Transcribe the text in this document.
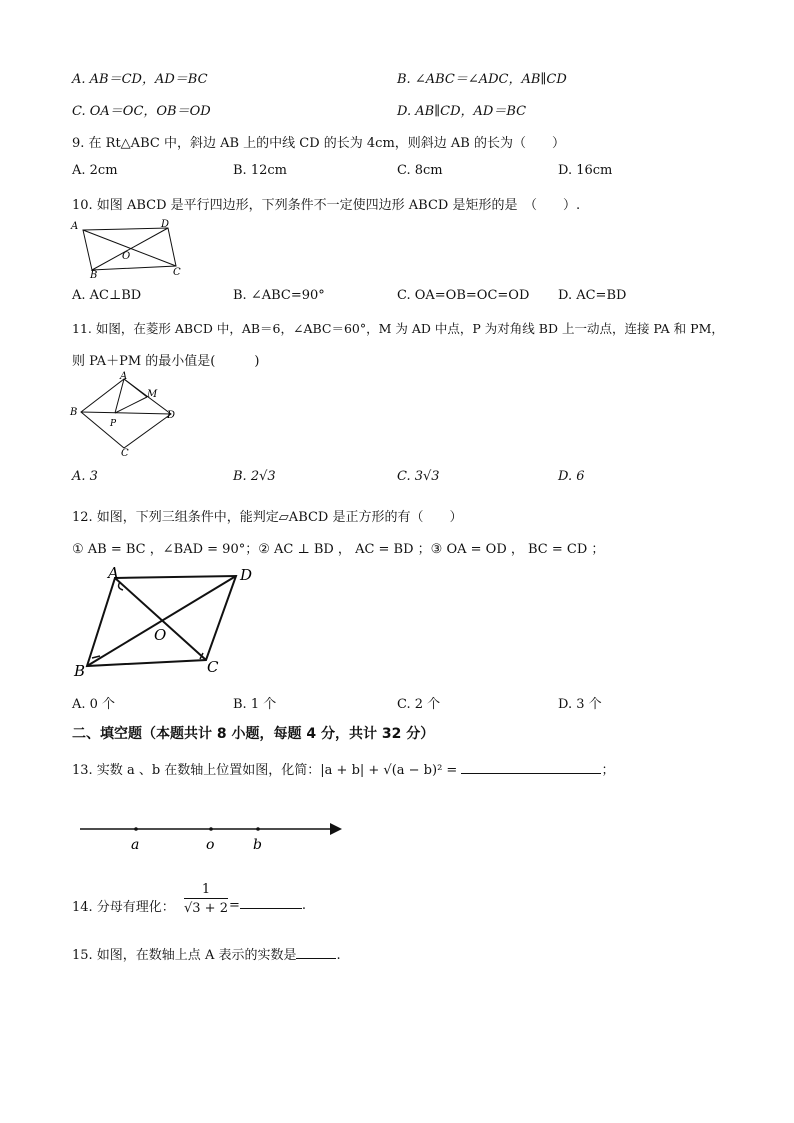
A. AB＝CD，AD＝BC	B. ∠ABC＝∠ADC，AB∥CD
C. OA＝OC，OB＝OD	D. AB∥CD，AD＝BC
9. 在 Rt△ABC 中，斜边 AB 上的中线 CD 的长为 4cm，则斜边 AB 的长为（　　）
A. 2cm	B. 12cm	C. 8cm	D. 16cm
10. 如图 ABCD 是平行四边形，下列条件不一定使四边形 ABCD 是矩形的是　（　　）.
A	D
B	C
O
A. AC⊥BD	B. ∠ABC=90°	C. OA=OB=OC=OD D. AC=BD
11. 如图，在菱形 ABCD 中，AB＝6，∠ABC＝60°，M 为 AD 中点，P 为对角线 BD 上一动点，连接 PA 和 PM，
则 PA＋PM 的最小值是(　　　)
A
B	D
C
M
P
A. 3	B. 2√3	C. 3√3	D. 6
12. 如图，下列三组条件中，能判定▱ABCD 是正方形的有（　　）
① AB = BC ，∠BAD = 90°；② AC ⊥ BD ， AC = BD ；③ OA = OD ， BC = CD ；
A	D
B	C
O
A. 0 个	B. 1 个	C. 2 个	D. 3 个
二、填空题（本题共计 8 小题，每题 4 分，共计 32 分）
13. 实数 a 、b 在数轴上位置如图，化简：|a + b| + √(a − b)² =	；
a	o	b
14. 分母有理化： $\frac{1}{√3 + 2}$ =	.
15. 如图，在数轴上点 A 表示的实数是	.
